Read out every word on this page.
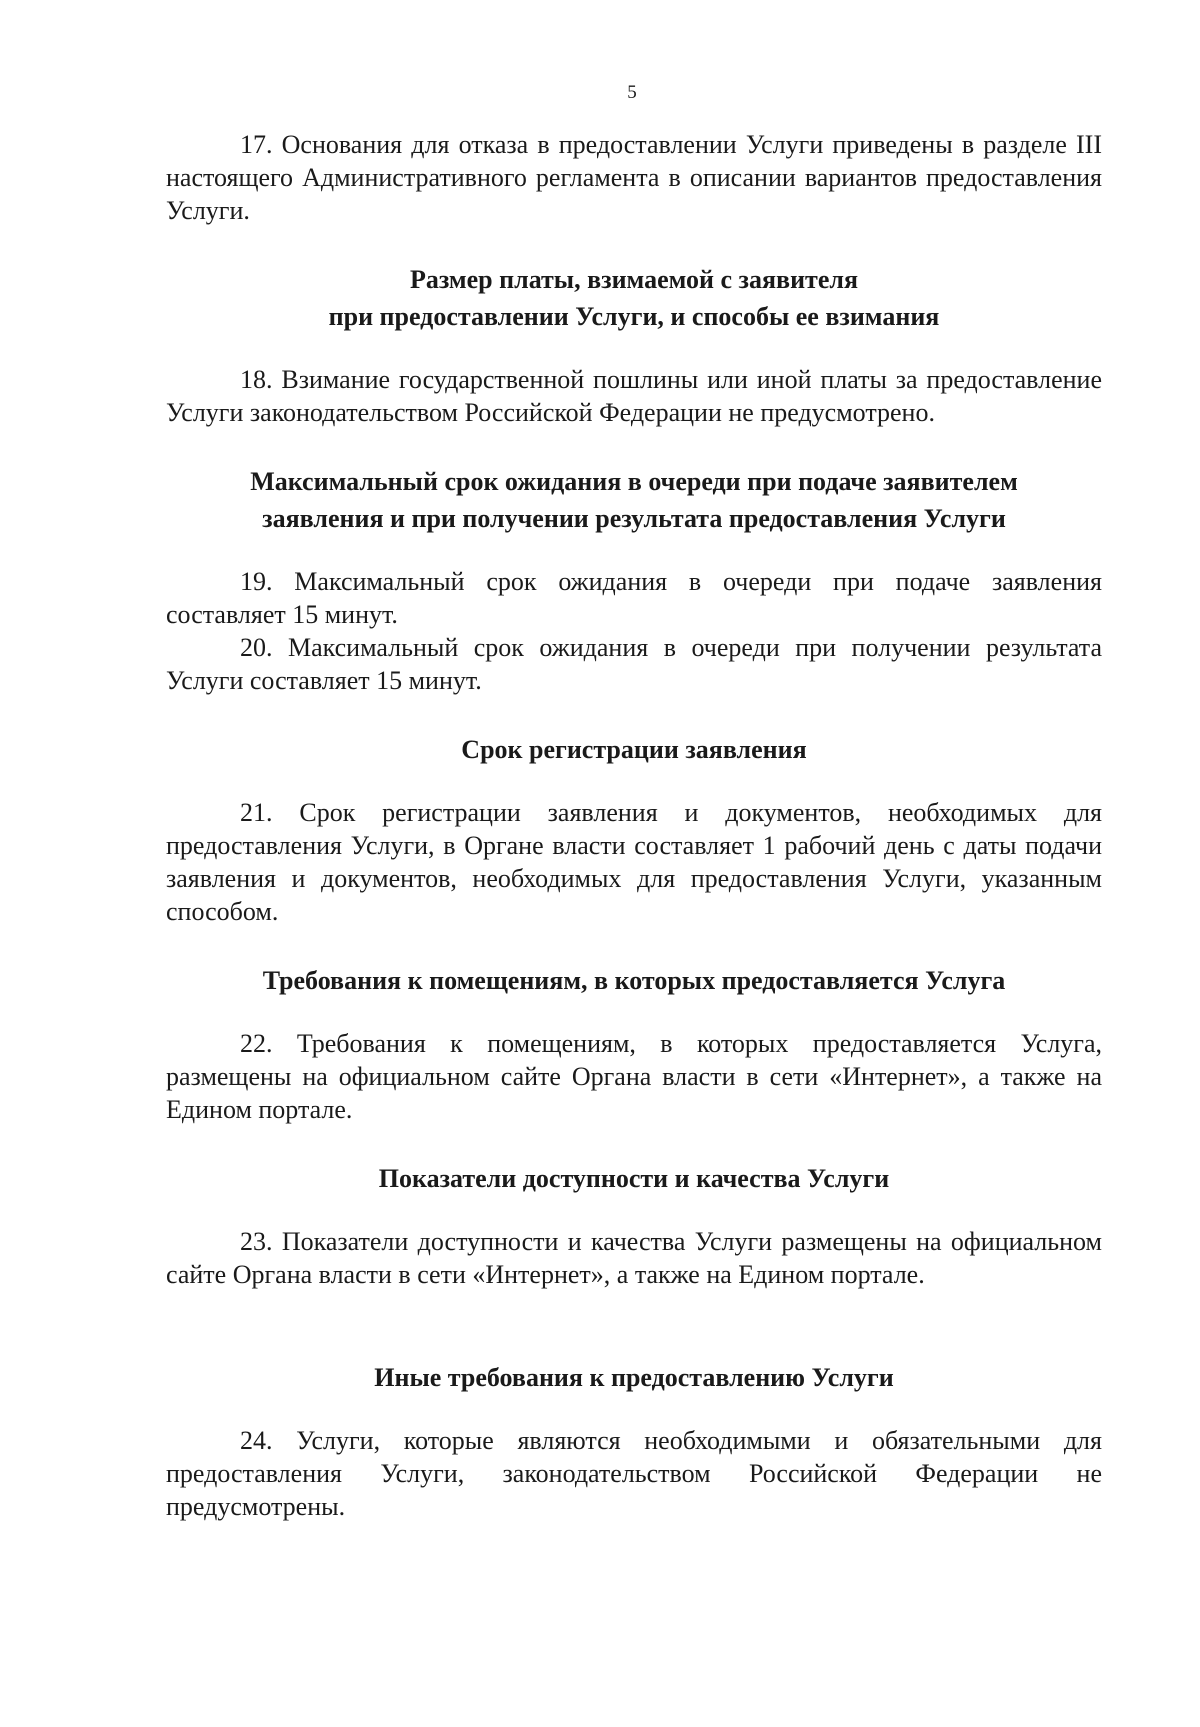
5

17. Основания для отказа в предоставлении Услуги приведены в разделе III настоящего Административного регламента в описании вариантов предоставления Услуги.

Размер платы, взимаемой с заявителя

при предоставлении Услуги, и способы ее взимания

18. Взимание государственной пошлины или иной платы за предоставление Услуги законодательством Российской Федерации не предусмотрено.

Максимальный срок ожидания в очереди при подаче заявителем

заявления и при получении результата предоставления Услуги

19. Максимальный срок ожидания в очереди при подаче заявления составляет 15 минут.

20. Максимальный срок ожидания в очереди при получении результата Услуги составляет 15 минут.

Срок регистрации заявления

21. Срок регистрации заявления и документов, необходимых для предоставления Услуги, в Органе власти составляет 1 рабочий день с даты подачи заявления и документов, необходимых для предоставления Услуги, указанным способом.

Требования к помещениям, в которых предоставляется Услуга

22. Требования к помещениям, в которых предоставляется Услуга, размещены на официальном сайте Органа власти в сети «Интернет», а также на Едином портале.

Показатели доступности и качества Услуги

23. Показатели доступности и качества Услуги размещены на официальном сайте Органа власти в сети «Интернет», а также на Едином портале.

Иные требования к предоставлению Услуги

24. Услуги, которые являются необходимыми и обязательными для предоставления Услуги, законодательством Российской Федерации не предусмотрены.
